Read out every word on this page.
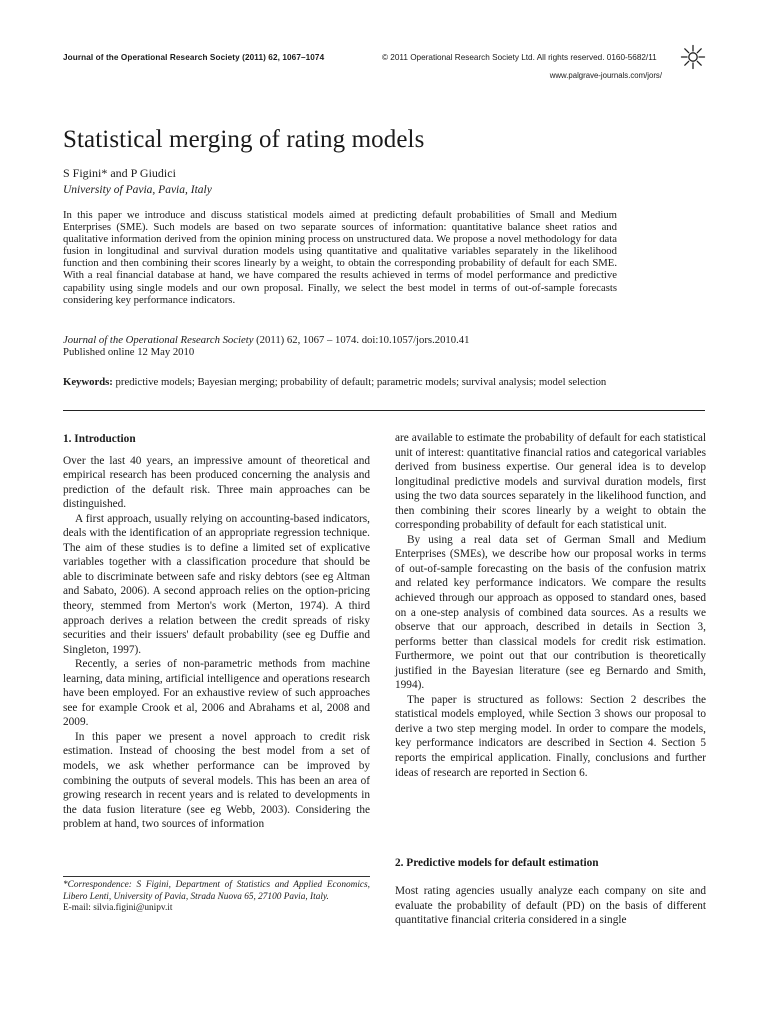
Journal of the Operational Research Society (2011) 62, 1067–1074	© 2011 Operational Research Society Ltd. All rights reserved. 0160-5682/11
www.palgrave-journals.com/jors/
Statistical merging of rating models
S Figini* and P Giudici
University of Pavia, Pavia, Italy
In this paper we introduce and discuss statistical models aimed at predicting default probabilities of Small and Medium Enterprises (SME). Such models are based on two separate sources of information: quantitative balance sheet ratios and qualitative information derived from the opinion mining process on unstructured data. We propose a novel methodology for data fusion in longitudinal and survival duration models using quantitative and qualitative variables separately in the likelihood function and then combining their scores linearly by a weight, to obtain the corresponding probability of default for each SME. With a real financial database at hand, we have compared the results achieved in terms of model performance and predictive capability using single models and our own proposal. Finally, we select the best model in terms of out-of-sample forecasts considering key performance indicators.
Journal of the Operational Research Society (2011) 62, 1067 – 1074. doi:10.1057/jors.2010.41
Published online 12 May 2010
Keywords: predictive models; Bayesian merging; probability of default; parametric models; survival analysis; model selection
1. Introduction

Over the last 40 years, an impressive amount of theoretical and empirical research has been produced concerning the analysis and prediction of the default risk. Three main approaches can be distinguished.

A first approach, usually relying on accounting-based indicators, deals with the identification of an appropriate regression technique. The aim of these studies is to define a limited set of explicative variables together with a classification procedure that should be able to discriminate between safe and risky debtors (see eg Altman and Sabato, 2006). A second approach relies on the option-pricing theory, stemmed from Merton's work (Merton, 1974). A third approach derives a relation between the credit spreads of risky securities and their issuers' default probability (see eg Duffie and Singleton, 1997).

Recently, a series of non-parametric methods from machine learning, data mining, artificial intelligence and operations research have been employed. For an exhaustive review of such approaches see for example Crook et al, 2006 and Abrahams et al, 2008 and 2009.

In this paper we present a novel approach to credit risk estimation. Instead of choosing the best model from a set of models, we ask whether performance can be improved by combining the outputs of several models. This has been an area of growing research in recent years and is related to developments in the data fusion literature (see eg Webb, 2003). Considering the problem at hand, two sources of information

*Correspondence: S Figini, Department of Statistics and Applied Economics, Libero Lenti, University of Pavia, Strada Nuova 65, 27100 Pavia, Italy.
E-mail: silvia.figini@unipv.it

are available to estimate the probability of default for each statistical unit of interest: quantitative financial ratios and categorical variables derived from business expertise. Our general idea is to develop longitudinal predictive models and survival duration models, first using the two data sources separately in the likelihood function, and then combining their scores linearly by a weight to obtain the corresponding probability of default for each statistical unit.

By using a real data set of German Small and Medium Enterprises (SMEs), we describe how our proposal works in terms of out-of-sample forecasting on the basis of the confusion matrix and related key performance indicators. We compare the results achieved through our approach as opposed to standard ones, based on a one-step analysis of combined data sources. As a results we observe that our approach, described in details in Section 3, performs better than classical models for credit risk estimation. Furthermore, we point out that our contribution is theoretically justified in the Bayesian literature (see eg Bernardo and Smith, 1994).

The paper is structured as follows: Section 2 describes the statistical models employed, while Section 3 shows our proposal to derive a two step merging model. In order to compare the models, key performance indicators are described in Section 4. Section 5 reports the empirical application. Finally, conclusions and further ideas of research are reported in Section 6.

2. Predictive models for default estimation

Most rating agencies usually analyze each company on site and evaluate the probability of default (PD) on the basis of different quantitative financial criteria considered in a single
